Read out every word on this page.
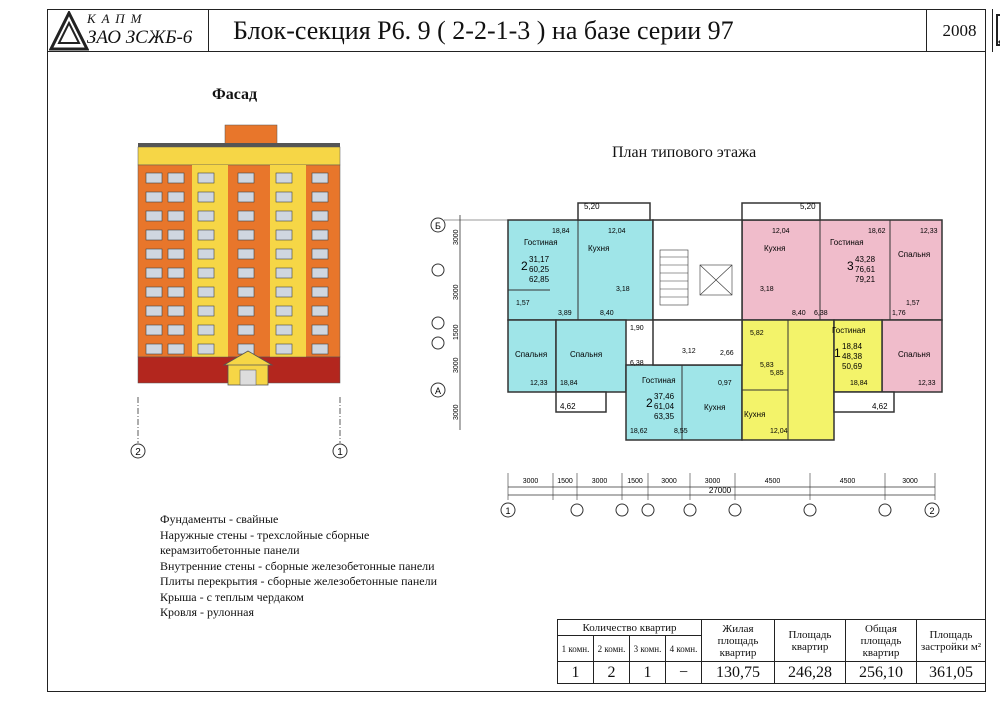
КАПМ
ЗАО ЗСЖБ-6	Блок-секция Р6. 9 ( 2-2-1-3 ) на базе серии 97	2008
Фасад
2	1
План типового этажа
Гостиная
Кухня
Спальня	Спальня
Гостиная
Кухня
Кухня
Гостиная
Спальня
Гостиная
Спальня
Кухня
2 31,17
60,25
62,85
3 43,28
76,61
79,21
1 18,84
48,38
50,69
2 37,46
61,04
63,35
18,84	12,04	12,04	18,62	12,33
3,18	3,18
1,57	1,57
3,89	8,40	8,40 6,38	1,76
5,82
1,90
6,38
3,12	2,66
0,97
5,83
5,85
12,33 18,84	18,84	12,33
18,62	8,55	12,04
5,20	5,20
4,62	4,62
Б
А
3000
3000
1500
3000
3000
3000	1500	3000	1500	3000	3000	4500	4500	3000
27000
1	2
Фундаменты - свайные
Наружные стены - трехслойные сборные
керамзитобетонные панели
Внутренние стены - сборные железобетонные панели
Плиты перекрытия - сборные железобетонные панели
Крыша - с теплым чердаком
Кровля - рулонная
Количество квартир				Жилая площадь квартир	Площадь квартир	Общая площадь квартир	Площадь застройки м²
1 комн.	2 комн.	3 комн.	4 комн.				
1	2	1	−	130,75	246,28	256,10	361,05
